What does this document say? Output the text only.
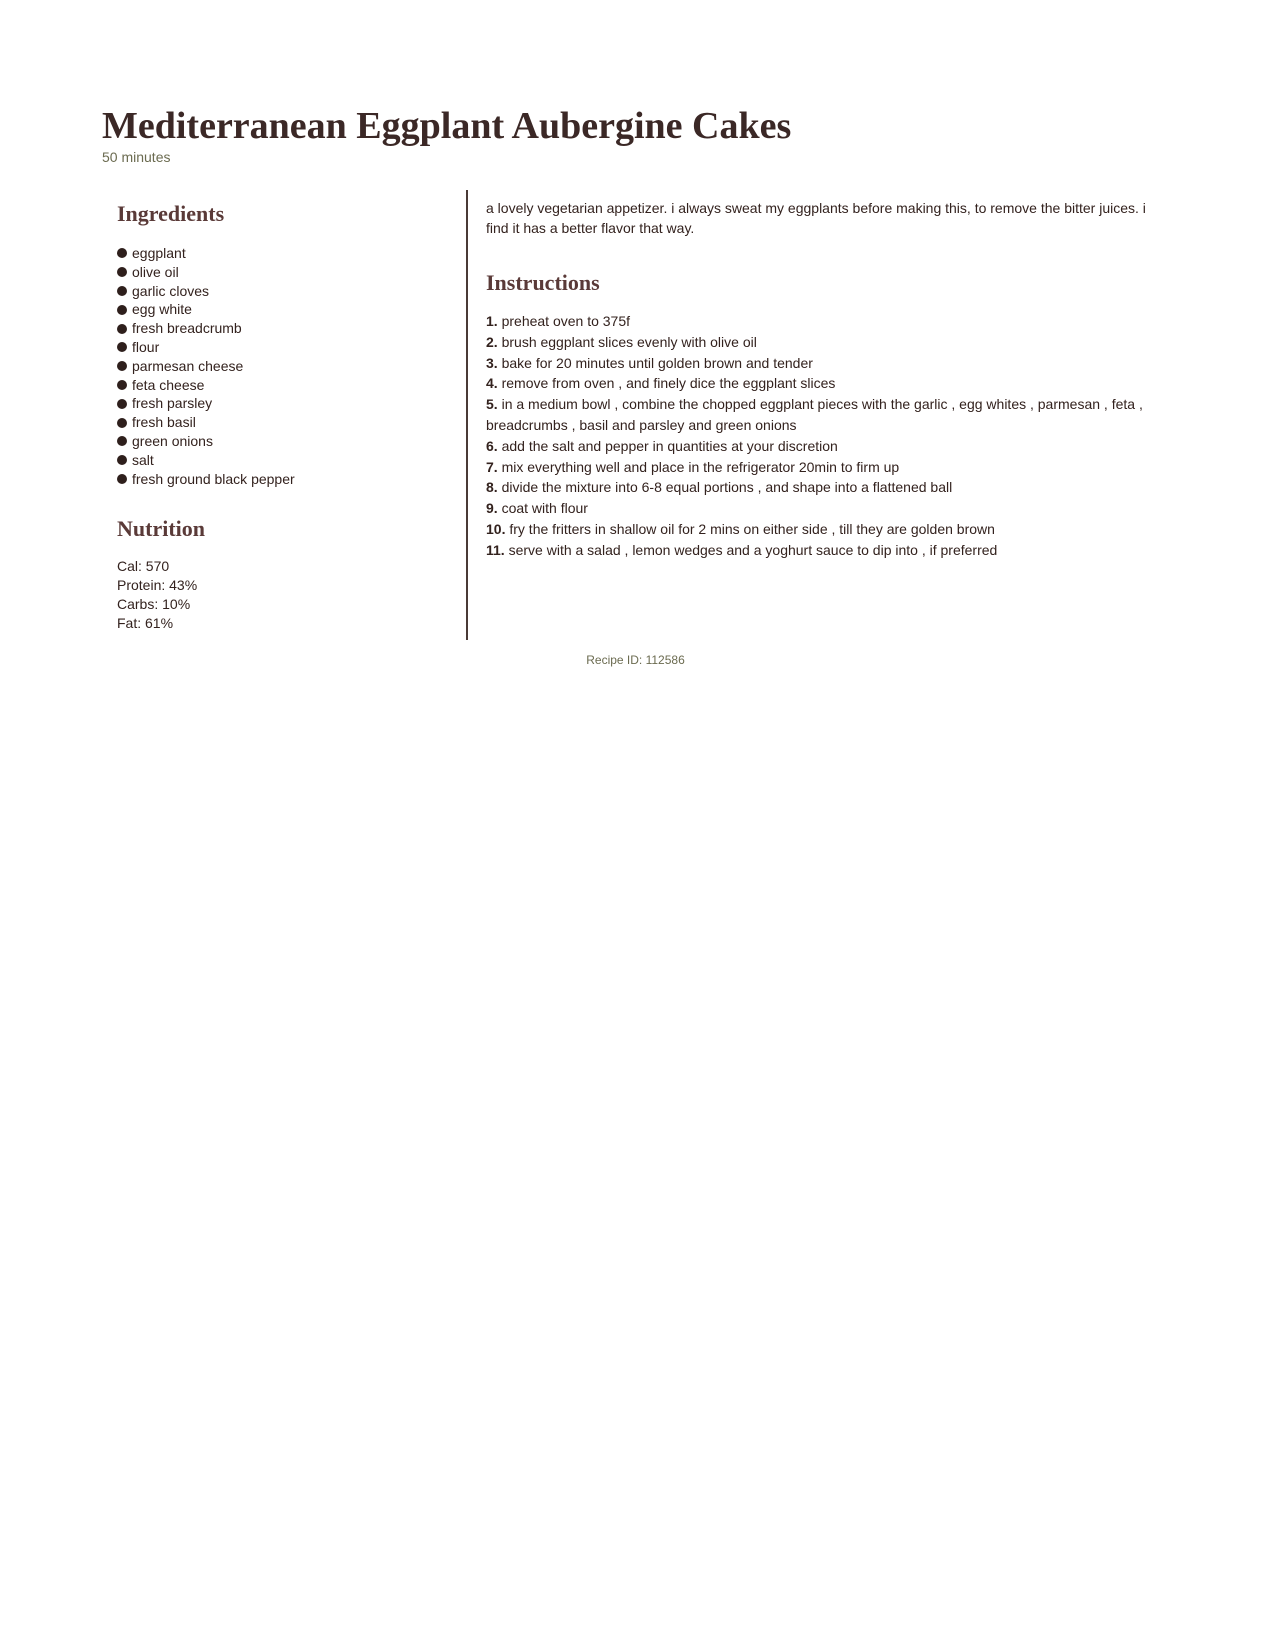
Mediterranean Eggplant Aubergine Cakes
50 minutes
Ingredients
eggplant
olive oil
garlic cloves
egg white
fresh breadcrumb
flour
parmesan cheese
feta cheese
fresh parsley
fresh basil
green onions
salt
fresh ground black pepper
Nutrition
Cal: 570
Protein: 43%
Carbs: 10%
Fat: 61%

a lovely vegetarian appetizer. i always sweat my eggplants before making this, to remove the bitter juices. i find it has a better flavor that way.

Instructions
1. preheat oven to 375f
2. brush eggplant slices evenly with olive oil
3. bake for 20 minutes until golden brown and tender
4. remove from oven , and finely dice the eggplant slices
5. in a medium bowl , combine the chopped eggplant pieces with the garlic , egg whites , parmesan , feta , breadcrumbs , basil and parsley and green onions
6. add the salt and pepper in quantities at your discretion
7. mix everything well and place in the refrigerator 20min to firm up
8. divide the mixture into 6-8 equal portions , and shape into a flattened ball
9. coat with flour
10. fry the fritters in shallow oil for 2 mins on either side , till they are golden brown
11. serve with a salad , lemon wedges and a yoghurt sauce to dip into , if preferred
Recipe ID: 112586
